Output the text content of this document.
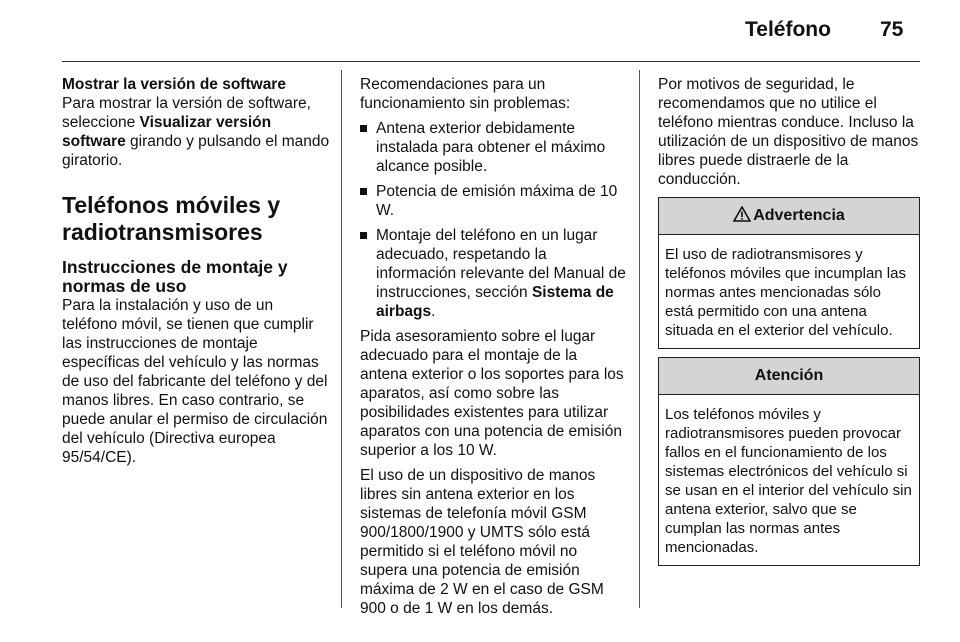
Teléfono 75
Mostrar la versión de software

Para mostrar la versión de software, seleccione Visualizar versión software girando y pulsando el mando giratorio.

Teléfonos móviles y radiotransmisores
Instrucciones de montaje y normas de uso

Para la instalación y uso de un teléfono móvil, se tienen que cumplir las instrucciones de montaje específicas del vehículo y las normas de uso del fabricante del teléfono y del manos libres. En caso contrario, se puede anular el permiso de circulación del vehículo (Directiva europea 95/54/CE).

Recomendaciones para un funcionamiento sin problemas:

Antena exterior debidamente instalada para obtener el máximo alcance posible.
Potencia de emisión máxima de 10 W.
Montaje del teléfono en un lugar adecuado, respetando la información relevante del Manual de instrucciones, sección Sistema de airbags.

Pida asesoramiento sobre el lugar adecuado para el montaje de la antena exterior o los soportes para los aparatos, así como sobre las posibilidades existentes para utilizar aparatos con una potencia de emisión superior a los 10 W.

El uso de un dispositivo de manos libres sin antena exterior en los sistemas de telefonía móvil GSM 900/1800/1900 y UMTS sólo está permitido si el teléfono móvil no supera una potencia de emisión máxima de 2 W en el caso de GSM 900 o de 1 W en los demás.

Por motivos de seguridad, le recomendamos que no utilice el teléfono mientras conduce. Incluso la utilización de un dispositivo de manos libres puede distraerle de la conducción.

Advertencia
El uso de radiotransmisores y teléfonos móviles que incumplan las normas antes mencionadas sólo está permitido con una antena situada en el exterior del vehículo.
Atención
Los teléfonos móviles y radiotransmisores pueden provocar fallos en el funcionamiento de los sistemas electrónicos del vehículo si se usan en el interior del vehículo sin antena exterior, salvo que se cumplan las normas antes mencionadas.
